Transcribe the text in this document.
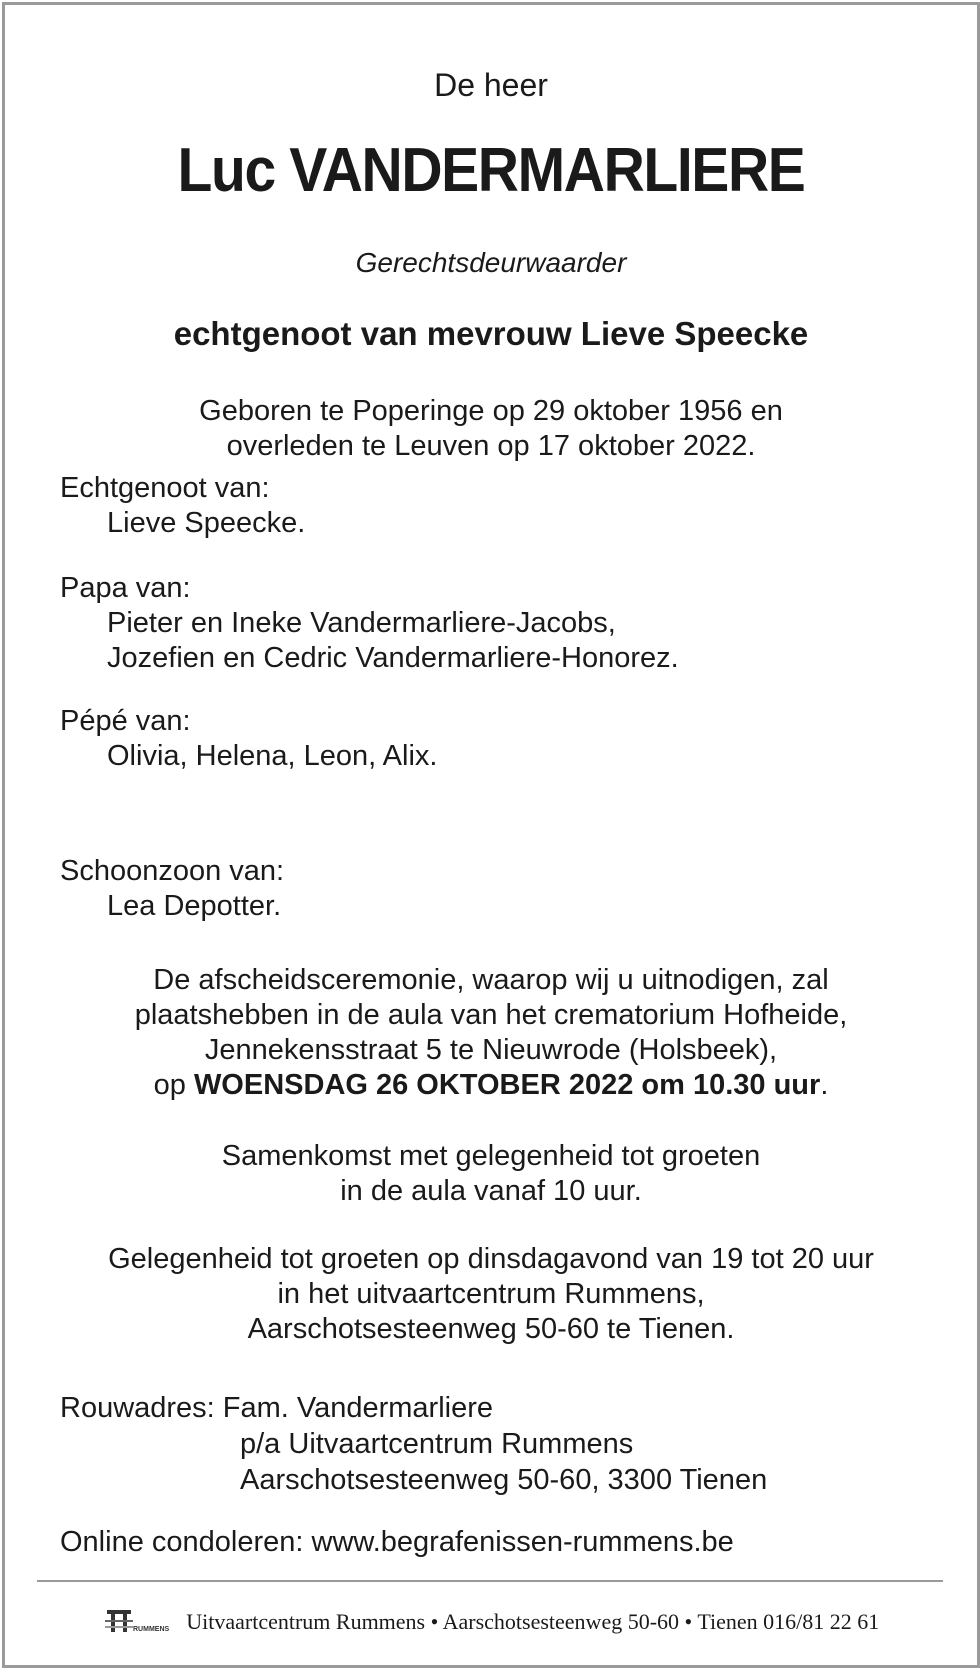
De heer
Luc VANDERMARLIERE
Gerechtsdeurwaarder
echtgenoot van mevrouw Lieve Speecke
Geboren te Poperinge op 29 oktober 1956 en
overleden te Leuven op 17 oktober 2022.
Echtgenoot van:
Lieve Speecke.
Papa van:
Pieter en Ineke Vandermarliere-Jacobs,
Jozefien en Cedric Vandermarliere-Honorez.
Pépé van:
Olivia, Helena, Leon, Alix.
Schoonzoon van:
Lea Depotter.
De afscheidsceremonie, waarop wij u uitnodigen, zal
plaatshebben in de aula van het crematorium Hofheide,
Jennekensstraat 5 te Nieuwrode (Holsbeek),
op WOENSDAG 26 OKTOBER 2022 om 10.30 uur.
Samenkomst met gelegenheid tot groeten
in de aula vanaf 10 uur.
Gelegenheid tot groeten op dinsdagavond van 19 tot 20 uur
in het uitvaartcentrum Rummens,
Aarschotsesteenweg 50-60 te Tienen.
Rouwadres: Fam. Vandermarliere
p/a Uitvaartcentrum Rummens
Aarschotsesteenweg 50-60, 3300 Tienen
Online condoleren: www.begrafenissen-rummens.be
RUMMENS Uitvaartcentrum Rummens • Aarschotsesteenweg 50-60 • Tienen 016/81 22 61
